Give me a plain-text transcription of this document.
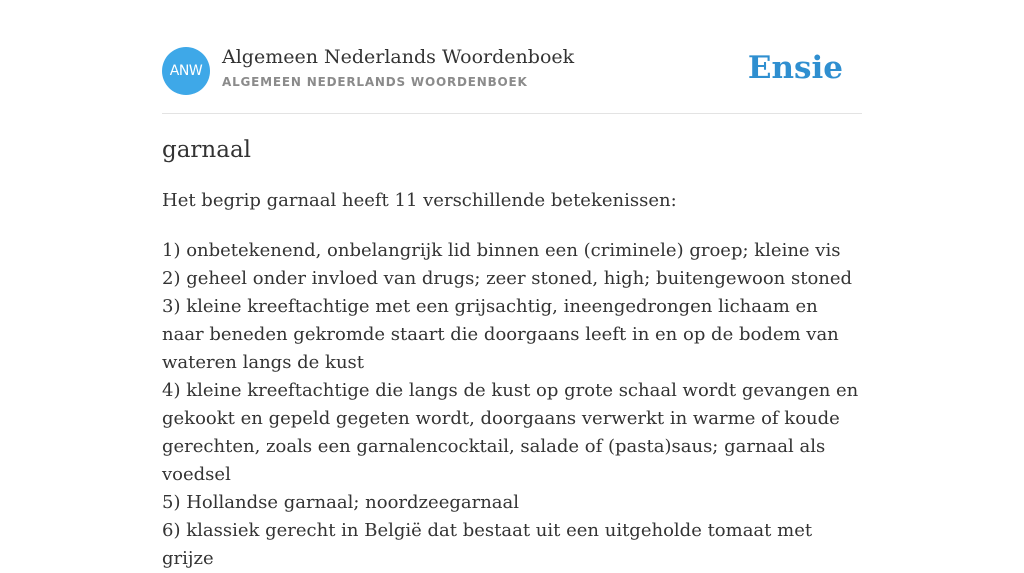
ANW
Algemeen Nederlands Woordenboek
ALGEMEEN NEDERLANDS WOORDENBOEK	Ensie
garnaal

Het begrip garnaal heeft 11 verschillende betekenissen:

1) onbetekenend, onbelangrijk lid binnen een (criminele) groep; kleine vis
2) geheel onder invloed van drugs; zeer stoned, high; buitengewoon stoned
3) kleine kreeftachtige met een grijsachtig, ineengedrongen lichaam en naar beneden gekromde staart die doorgaans leeft in en op de bodem van wateren langs de kust
4) kleine kreeftachtige die langs de kust op grote schaal wordt gevangen en gekookt en gepeld gegeten wordt, doorgaans verwerkt in warme of koude gerechten, zoals een garnalencocktail, salade of (pasta)saus; garnaal als voedsel
5) Hollandse garnaal; noordzeegarnaal
6) klassiek gerecht in België dat bestaat uit een uitgeholde tomaat met grijze
